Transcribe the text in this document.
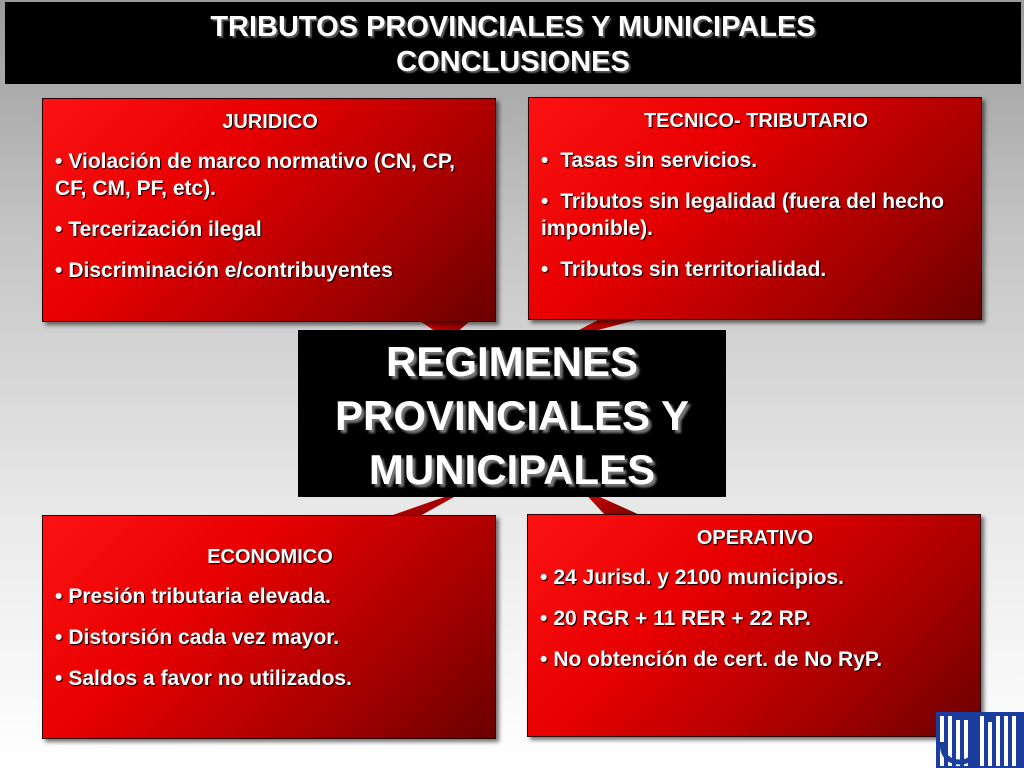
TRIBUTOS PROVINCIALES Y MUNICIPALES
CONCLUSIONES
JURIDICO
• Violación de marco normativo (CN, CP, CF, CM, PF, etc).
• Tercerización ilegal
• Discriminación e/contribuyentes
TECNICO- TRIBUTARIO
• Tasas sin servicios.
• Tributos sin legalidad (fuera del hecho imponible).
• Tributos sin territorialidad.
REGIMENES
PROVINCIALES Y
MUNICIPALES
ECONOMICO
• Presión tributaria elevada.
• Distorsión cada vez mayor.
• Saldos a favor no utilizados.
OPERATIVO
• 24 Jurisd. y 2100 municipios.
• 20 RGR + 11 RER + 22 RP.
• No obtención de cert. de No RyP.
